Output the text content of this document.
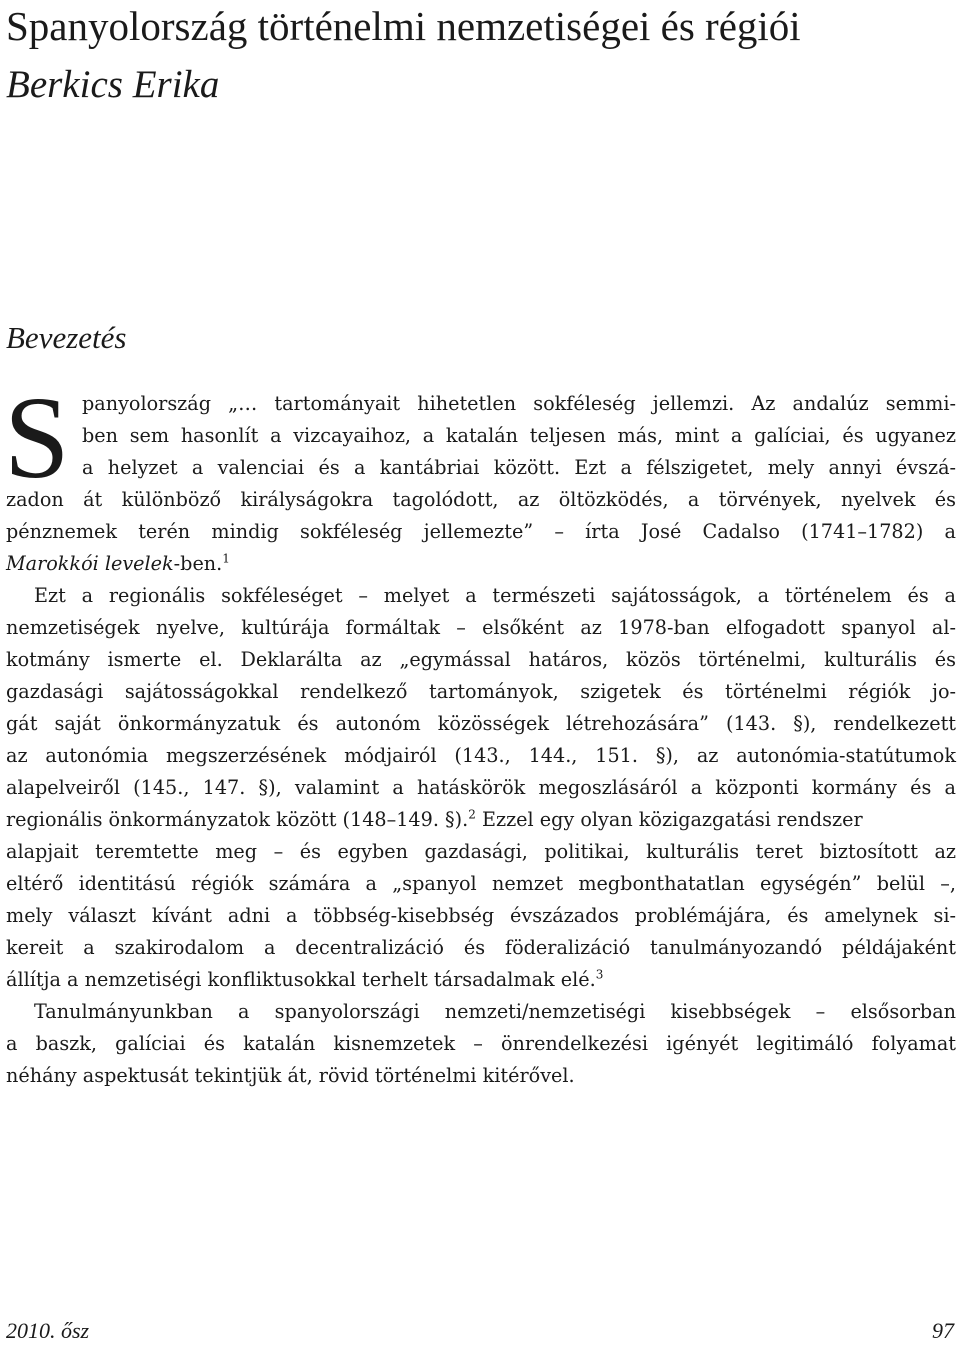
Spanyolország történelmi nemzetiségei és régiói
Berkics Erika
Bevezetés
S panyolország „… tartományait hihetetlen sokféleség jellemzi. Az andalúz semmi-
ben sem hasonlít a vizcayaihoz, a katalán teljesen más, mint a galíciai, és ugyanez
a helyzet a valenciai és a kantábriai között. Ezt a félszigetet, mely annyi évszá-
zadon át különböző királyságokra tagolódott, az öltözködés, a törvények, nyelvek és
pénznemek terén mindig sokféleség jellemezte” – írta José Cadalso (1741–1782) a
Marokkói levelek-ben.$^1$
Ezt a regionális sokféleséget – melyet a természeti sajátosságok, a történelem és a
nemzetiségek nyelve, kultúrája formáltak – elsőként az 1978-ban elfogadott spanyol al-
kotmány ismerte el. Deklarálta az „egymással határos, közös történelmi, kulturális és
gazdasági sajátosságokkal rendelkező tartományok, szigetek és történelmi régiók jo-
gát saját önkormányzatuk és autonóm közösségek létrehozására” (143. §), rendelkezett
az autonómia megszerzésének módjairól (143., 144., 151. §), az autonómia-statútumok
alapelveiről (145., 147. §), valamint a hatáskörök megoszlásáról a központi kormány és a
regionális önkormányzatok között (148–149. §).$^2$ Ezzel egy olyan közigazgatási rendszer
alapjait teremtette meg – és egyben gazdasági, politikai, kulturális teret biztosított az
eltérő identitású régiók számára a „spanyol nemzet megbonthatatlan egységén” belül –,
mely választ kívánt adni a többség-kisebbség évszázados problémájára, és amelynek si-
kereit a szakirodalom a decentralizáció és föderalizáció tanulmányozandó példájaként
állítja a nemzetiségi konfliktusokkal terhelt társadalmak elé.$^3$
Tanulmányunkban a spanyolországi nemzeti/nemzetiségi kisebbségek – elsősorban
a baszk, galíciai és katalán kisnemzetek – önrendelkezési igényét legitimáló folyamat
néhány aspektusát tekintjük át, rövid történelmi kitérővel.
2010. ősz	97
